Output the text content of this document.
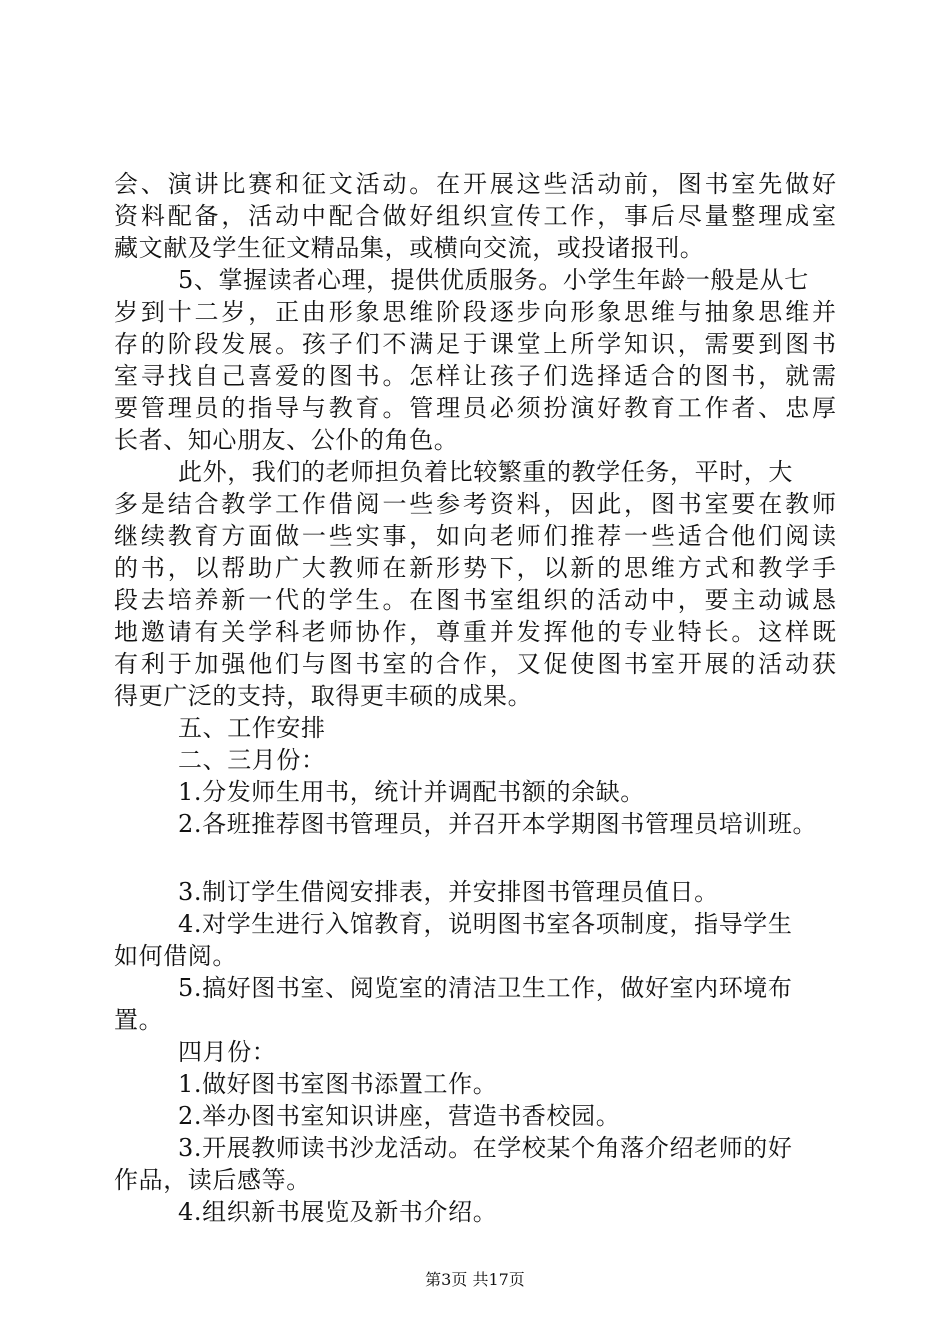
会 、 演 讲 比 赛 和 征 文 活 动 。 在 开 展 这 些 活 动 前 ， 图 书 室 先 做 好
资 料 配 备 ， 活 动 中 配 合 做 好 组 织 宣 传 工 作 ， 事 后 尽 量 整 理 成 室
藏文献及学生征文精品集，或横向交流，或投诸报刊。
5、掌握读者心理，提供优质服务。小学生年龄一般是从七
岁 到 十 二 岁 ， 正 由 形 象 思 维 阶 段 逐 步 向 形 象 思 维 与 抽 象 思 维 并
存 的 阶 段 发 展 。 孩 子 们 不 满 足 于 课 堂 上 所 学 知 识 ， 需 要 到 图 书
室 寻 找 自 己 喜 爱 的 图 书 。 怎 样 让 孩 子 们 选 择 适 合 的 图 书 ， 就 需
要 管 理 员 的 指 导 与 教 育 。 管 理 员 必 须 扮 演 好 教 育 工 作 者 、 忠 厚
长者、知心朋友、公仆的角色。
此外，我们的老师担负着比较繁重的教学任务，平时，大
多 是 结 合 教 学 工 作 借 阅 一 些 参 考 资 料 ， 因 此 ， 图 书 室 要 在 教 师
继 续 教 育 方 面 做 一 些 实 事 ， 如 向 老 师 们 推 荐 一 些 适 合 他 们 阅 读
的 书 ， 以 帮 助 广 大 教 师 在 新 形 势 下 ， 以 新 的 思 维 方 式 和 教 学 手
段 去 培 养 新 一 代 的 学 生 。 在 图 书 室 组 织 的 活 动 中 ， 要 主 动 诚 恳
地 邀 请 有 关 学 科 老 师 协 作 ， 尊 重 并 发 挥 他 的 专 业 特 长 。 这 样 既
有 利 于 加 强 他 们 与 图 书 室 的 合 作 ， 又 促 使 图 书 室 开 展 的 活 动 获
得更广泛的支持，取得更丰硕的成果。
五、工作安排
二、三月份：
1.分发师生用书，统计并调配书额的余缺。
2.各班推荐图书管理员，并召开本学期图书管理员培训班。
3.制订学生借阅安排表，并安排图书管理员值日。
4.对学生进行入馆教育，说明图书室各项制度，指导学生
如何借阅。
5.搞好图书室、阅览室的清洁卫生工作，做好室内环境布
置。
四月份：
1.做好图书室图书添置工作。
2.举办图书室知识讲座，营造书香校园。
3.开展教师读书沙龙活动。在学校某个角落介绍老师的好
作品，读后感等。
4.组织新书展览及新书介绍。
第3页 共17页
